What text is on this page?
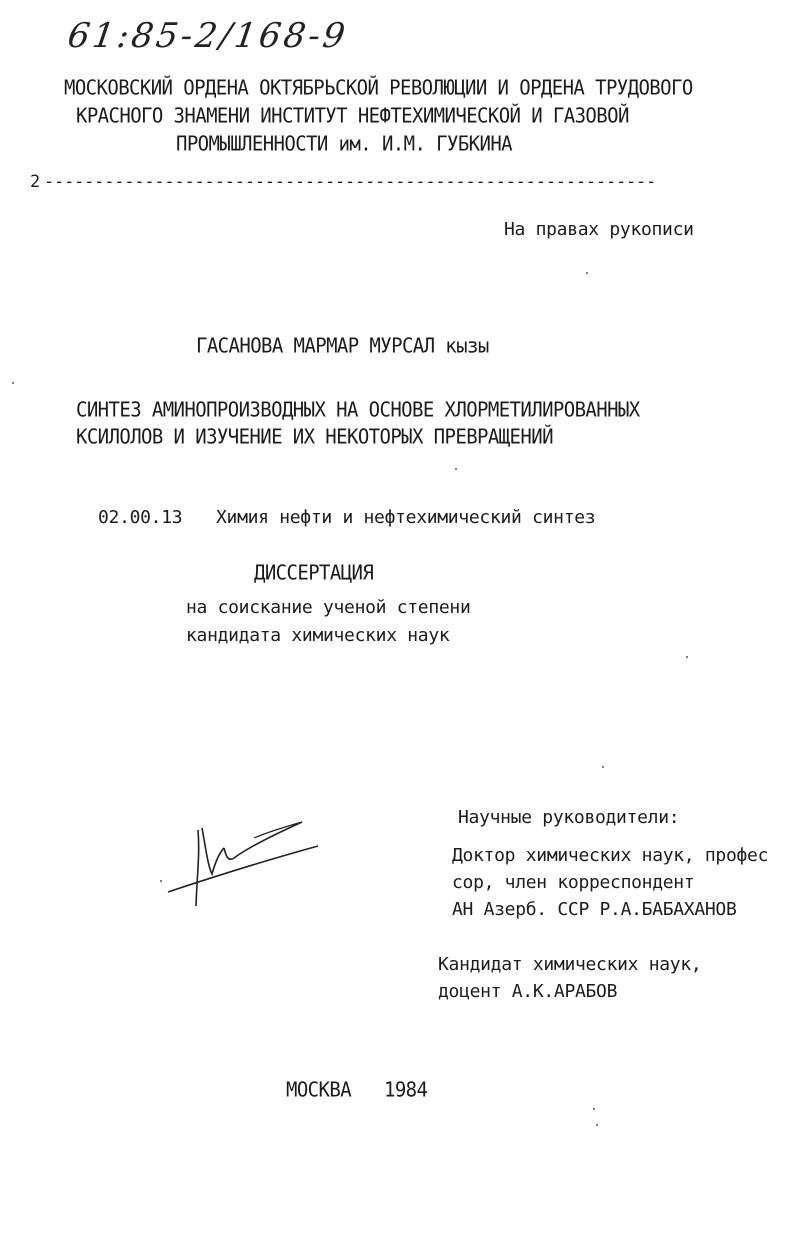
61:85-2/168-9
МОСКОВСКИЙ ОРДЕНА ОКТЯБРЬСКОЙ РЕВОЛЮЦИИ И ОРДЕНА ТРУДОВОГО
КРАСНОГО ЗНАМЕНИ ИНСТИТУТ НЕФТЕХИМИЧЕСКОЙ И ГАЗОВОЙ
ПРОМЫШЛЕННОСТИ им. И.М. ГУБКИНА
2 -------------------------------------------------------------
На правах рукописи
ГАСАНОВА МАРМАР МУРСАЛ кызы
СИНТЕЗ АМИНОПРОИЗВОДНЫХ НА ОСНОВЕ ХЛОРМЕТИЛИРОВАННЫХ
КСИЛОЛОВ И ИЗУЧЕНИЕ ИХ НЕКОТОРЫХ ПРЕВРАЩЕНИЙ
02.00.13 Химия нефти и нефтехимический синтез
ДИССЕРТАЦИЯ
на соискание ученой степени
кандидата химических наук
Научные руководители:
Доктор химических наук, профес
сор, член корреспондент
АН Азерб. ССР Р.А.БАБАХАНОВ
Кандидат химических наук,
доцент А.К.АРАБОВ
МОСКВА 1984
